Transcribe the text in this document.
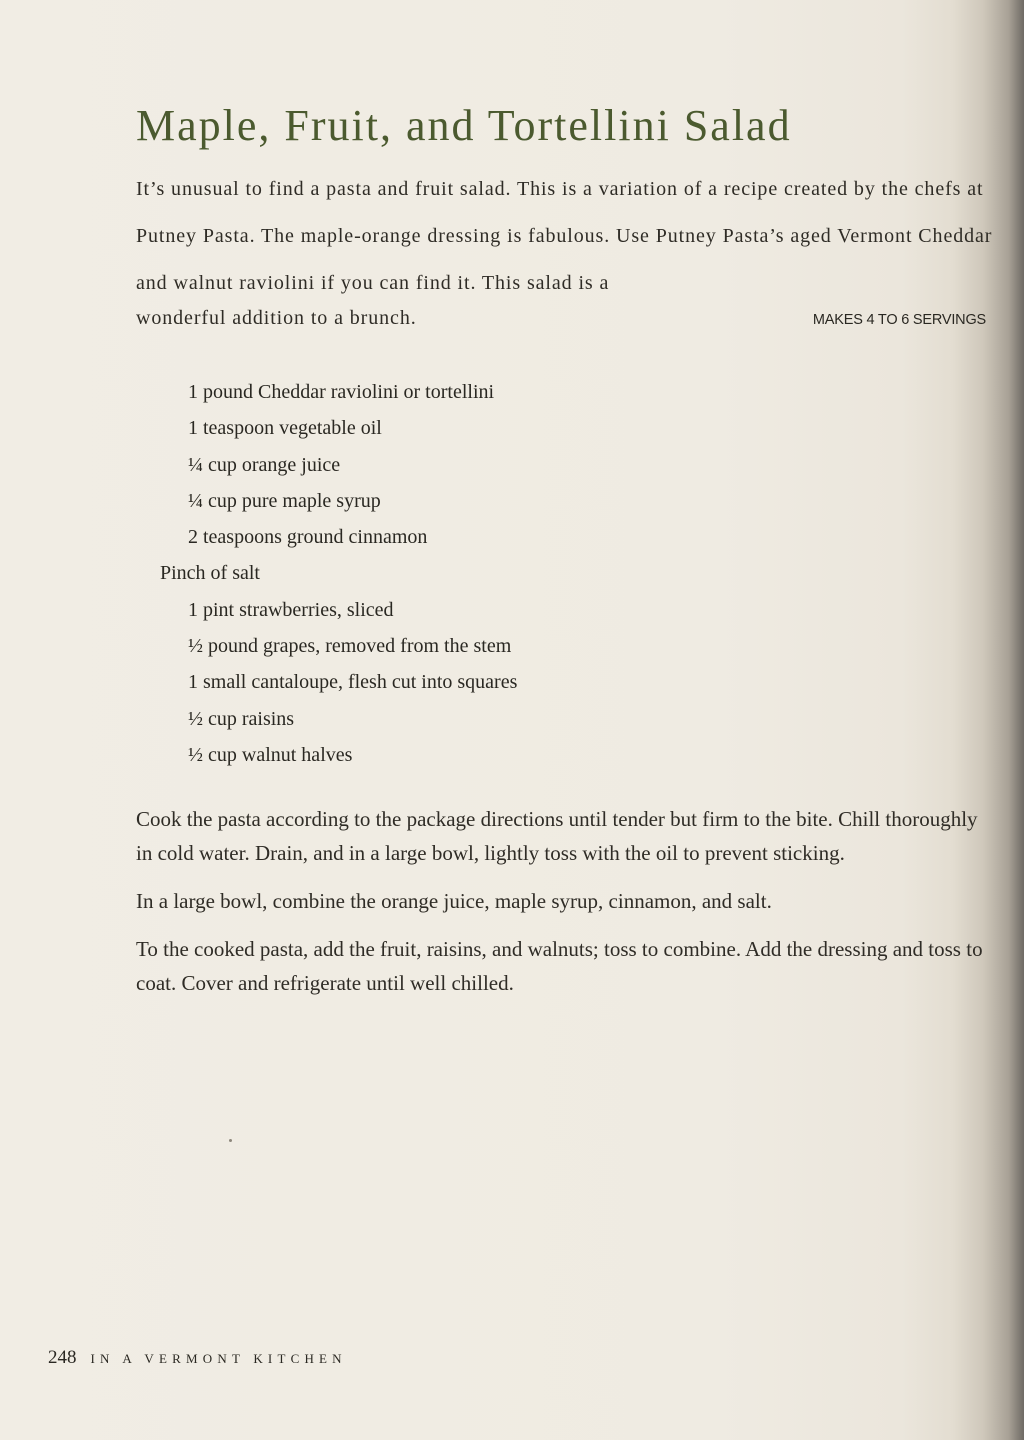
Maple, Fruit, and Tortellini Salad

It’s unusual to find a pasta and fruit salad. This is a variation of a recipe created by the chefs at Putney Pasta. The maple-orange dressing is fabulous. Use Putney Pasta’s aged Vermont Cheddar and walnut raviolini if you can find it. This salad is a

wonderful addition to a brunch.	MAKES 4 TO 6 SERVINGS
1 pound Cheddar raviolini or tortellini
1 teaspoon vegetable oil
¼ cup orange juice
¼ cup pure maple syrup
2 teaspoons ground cinnamon
Pinch of salt
1 pint strawberries, sliced
½ pound grapes, removed from the stem
1 small cantaloupe, flesh cut into squares
½ cup raisins
½ cup walnut halves

Cook the pasta according to the package directions until tender but firm to the bite. Chill thoroughly in cold water. Drain, and in a large bowl, lightly toss with the oil to prevent sticking.

In a large bowl, combine the orange juice, maple syrup, cinnamon, and salt.

To the cooked pasta, add the fruit, raisins, and walnuts; toss to combine. Add the dressing and toss to coat. Cover and refrigerate until well chilled.

248 IN A VERMONT KITCHEN
